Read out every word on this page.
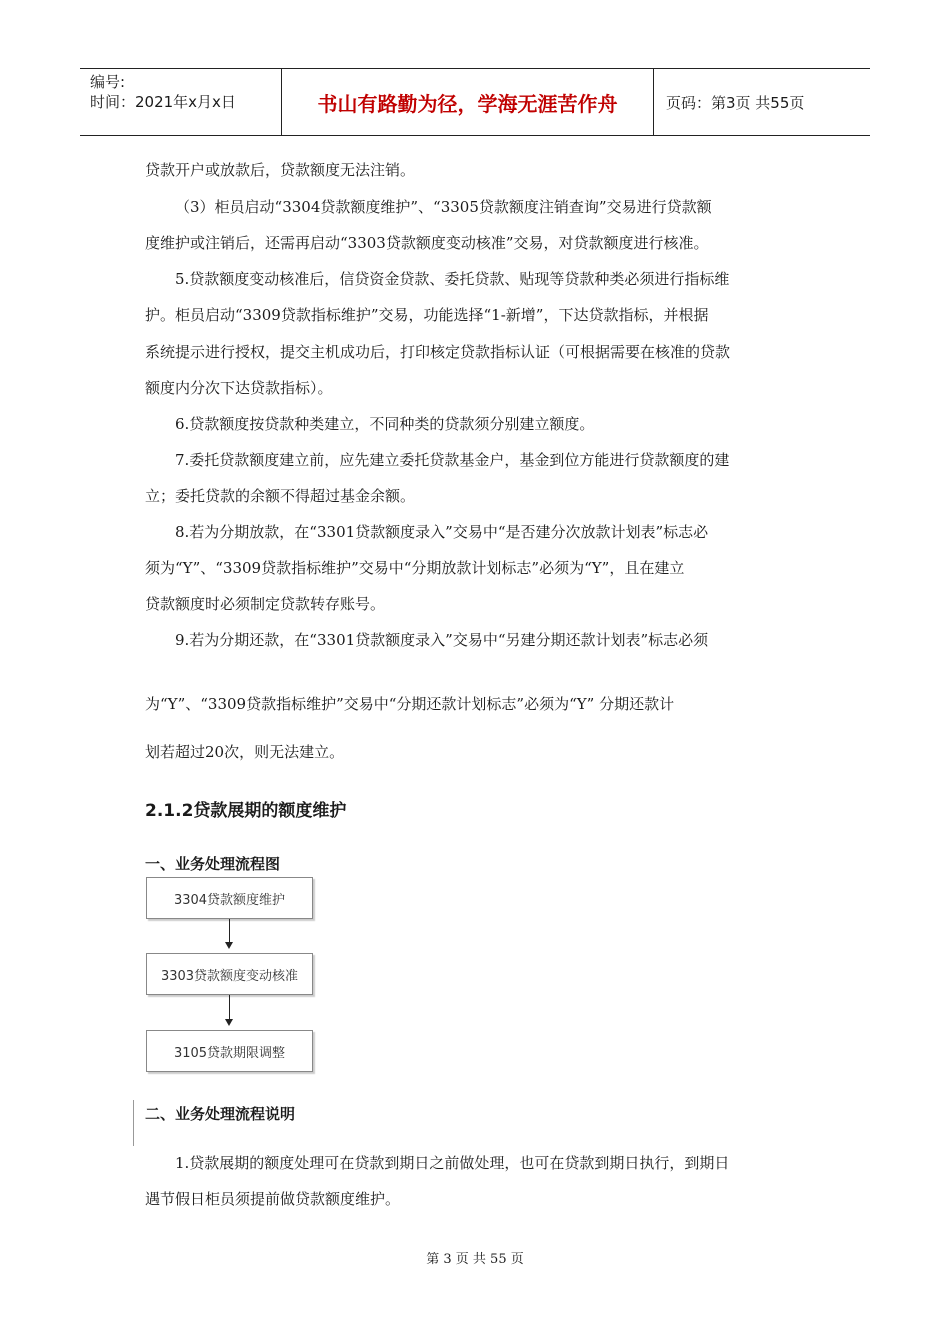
编号:
时间：2021年x月x日	书山有路勤为径，学海无涯苦作舟	页码：第3页 共55页

贷款开户或放款后，贷款额度无法注销。

（3）柜员启动“3304贷款额度维护”、“3305贷款额度注销查询”交易进行贷款额

度维护或注销后，还需再启动“3303贷款额度变动核准”交易，对贷款额度进行核准。

5.贷款额度变动核准后，信贷资金贷款、委托贷款、贴现等贷款种类必须进行指标维

护。柜员启动“3309贷款指标维护”交易，功能选择“1-新增”，下达贷款指标，并根据

系统提示进行授权，提交主机成功后，打印核定贷款指标认证（可根据需要在核准的贷款

额度内分次下达贷款指标）。

6.贷款额度按贷款种类建立，不同种类的贷款须分别建立额度。

7.委托贷款额度建立前，应先建立委托贷款基金户，基金到位方能进行贷款额度的建

立；委托贷款的余额不得超过基金余额。

8.若为分期放款，在“3301贷款额度录入”交易中“是否建分次放款计划表”标志必

须为“Y”、“3309贷款指标维护”交易中“分期放款计划标志”必须为“Y”，且在建立

贷款额度时必须制定贷款转存账号。

9.若为分期还款，在“3301贷款额度录入”交易中“另建分期还款计划表”标志必须

为“Y”、“3309贷款指标维护”交易中“分期还款计划标志”必须为“Y” 分期还款计

划若超过20次，则无法建立。

2.1.2贷款展期的额度维护
一、业务处理流程图
3304贷款额度维护
3303贷款额度变动核准
3105贷款期限调整
二、业务处理流程说明

1.贷款展期的额度处理可在贷款到期日之前做处理，也可在贷款到期日执行，到期日

遇节假日柜员须提前做贷款额度维护。

第 3 页 共 55 页
